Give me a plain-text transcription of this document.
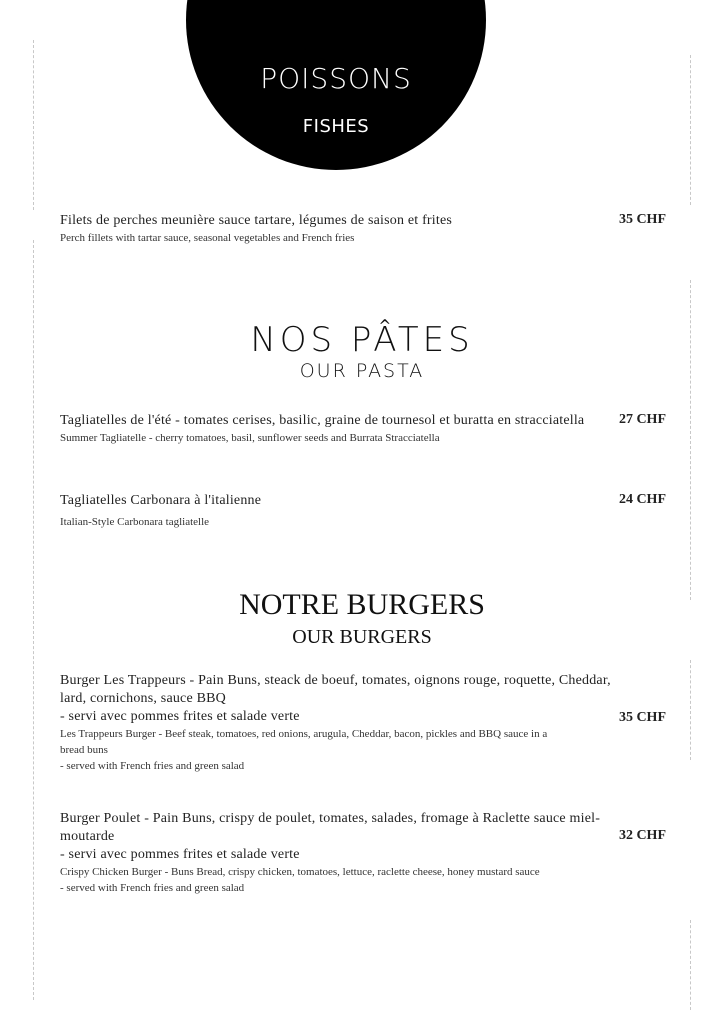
POISSONS
FISHES
Filets de perches meunière sauce tartare, légumes de saison et frites
Perch fillets with tartar sauce, seasonal vegetables and French fries
35 CHF
NOS PÂTES
OUR PASTA
Tagliatelles de l'été - tomates cerises, basilic, graine de tournesol et buratta en stracciatella
Summer Tagliatelle - cherry tomatoes, basil, sunflower seeds and Burrata Stracciatella
27 CHF
Tagliatelles Carbonara à l'italienne
Italian-Style Carbonara tagliatelle
24 CHF
NOTRE BURGERS
OUR BURGERS
Burger Les Trappeurs - Pain Buns, steack de boeuf, tomates, oignons rouge, roquette, Cheddar, lard, cornichons, sauce BBQ
- servi avec pommes frites et salade verte
Les Trappeurs Burger - Beef steak, tomatoes, red onions, arugula, Cheddar, bacon, pickles and BBQ sauce in a bread buns
- served with French fries and green salad
35 CHF
Burger Poulet - Pain Buns, crispy de poulet, tomates, salades, fromage à Raclette sauce miel-moutarde
- servi avec pommes frites et salade verte
Crispy Chicken Burger - Buns Bread, crispy chicken, tomatoes, lettuce, raclette cheese, honey mustard sauce
- served with French fries and green salad
32 CHF
